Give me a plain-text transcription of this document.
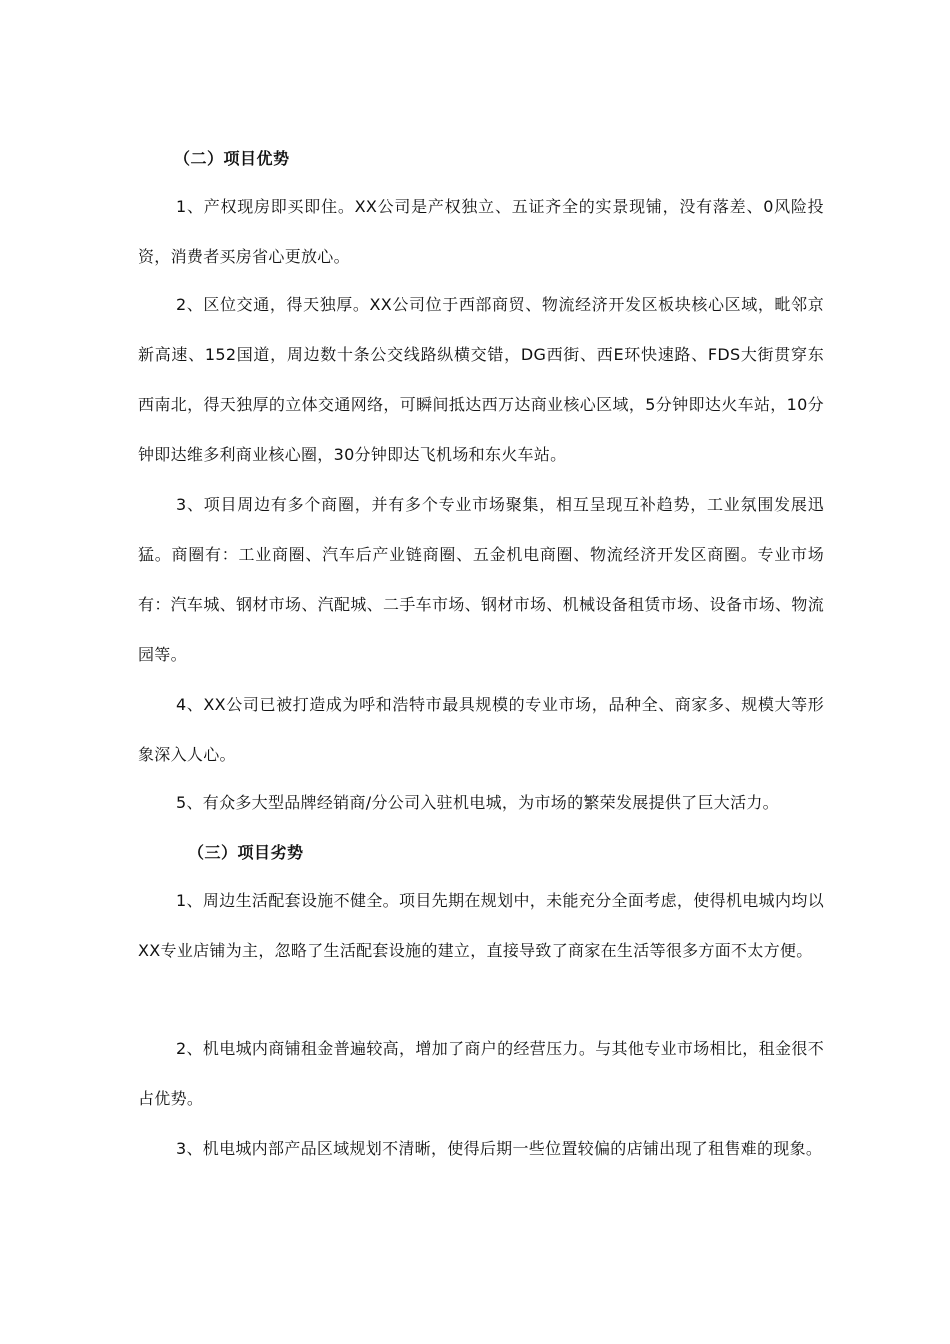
（二）项目优势

1、产权现房即买即住。XX公司是产权独立、五证齐全的实景现铺，没有落差、0风险投资，消费者买房省心更放心。

2、区位交通，得天独厚。XX公司位于西部商贸、物流经济开发区板块核心区域，毗邻京新高速、152国道，周边数十条公交线路纵横交错，DG西街、西E环快速路、FDS大街贯穿东西南北，得天独厚的立体交通网络，可瞬间抵达西万达商业核心区域，5分钟即达火车站，10分钟即达维多利商业核心圈，30分钟即达飞机场和东火车站。

3、项目周边有多个商圈，并有多个专业市场聚集，相互呈现互补趋势，工业氛围发展迅猛。商圈有：工业商圈、汽车后产业链商圈、五金机电商圈、物流经济开发区商圈。专业市场有：汽车城、钢材市场、汽配城、二手车市场、钢材市场、机械设备租赁市场、设备市场、物流园等。

4、XX公司已被打造成为呼和浩特市最具规模的专业市场，品种全、商家多、规模大等形象深入人心。

5、有众多大型品牌经销商/分公司入驻机电城，为市场的繁荣发展提供了巨大活力。

（三）项目劣势

1、周边生活配套设施不健全。项目先期在规划中，未能充分全面考虑，使得机电城内均以XX专业店铺为主，忽略了生活配套设施的建立，直接导致了商家在生活等很多方面不太方便。

2、机电城内商铺租金普遍较高，增加了商户的经营压力。与其他专业市场相比，租金很不占优势。

3、机电城内部产品区域规划不清晰，使得后期一些位置较偏的店铺出现了租售难的现象。
